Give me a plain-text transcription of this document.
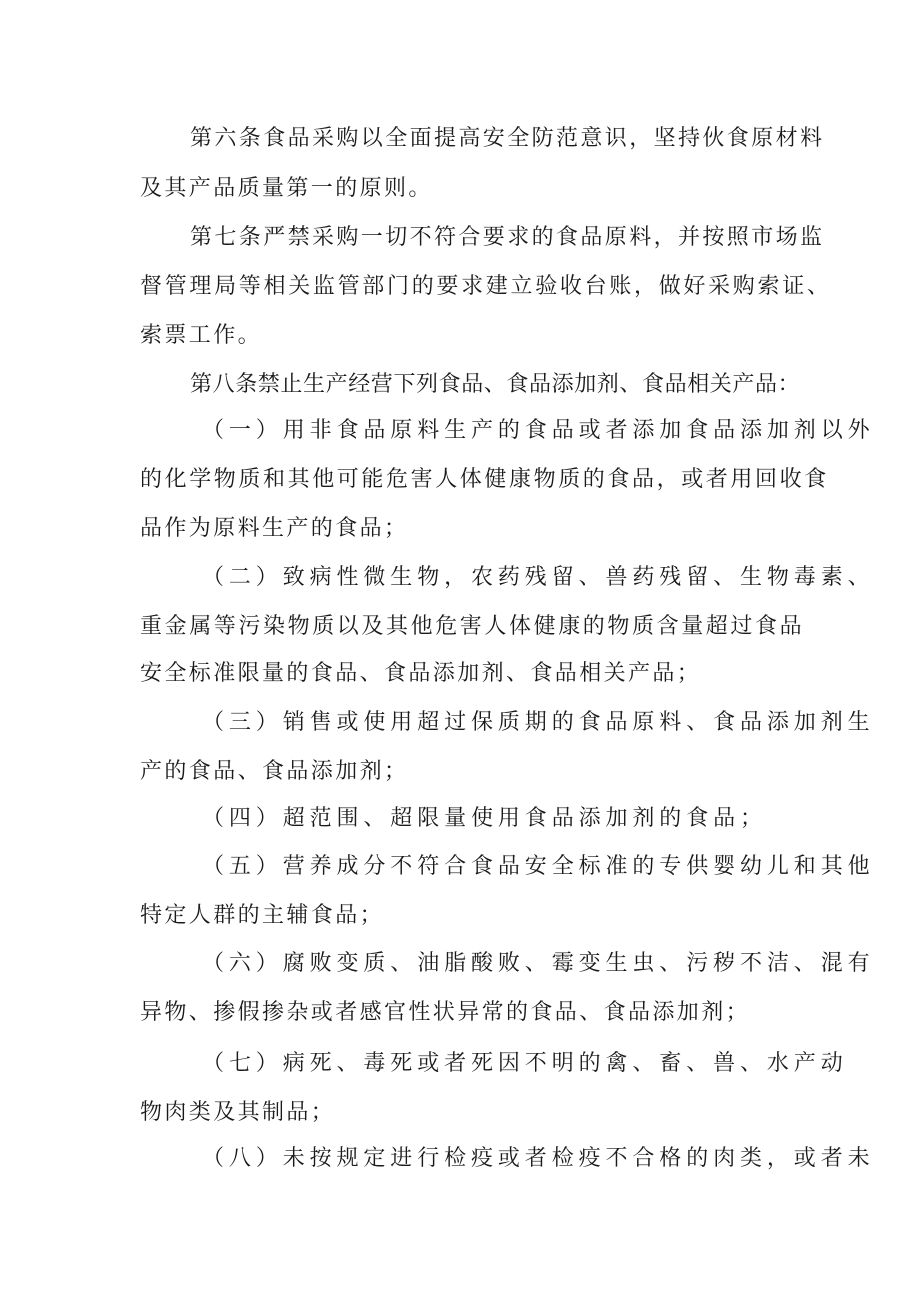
第六条食品采购以全面提高安全防范意识，坚持伙食原材料

及其产品质量第一的原则。

第七条严禁采购一切不符合要求的食品原料，并按照市场监

督管理局等相关监管部门的要求建立验收台账，做好采购索证、

索票工作。

第八条禁止生产经营下列食品、食品添加剂、食品相关产品：

（一）用非食品原料生产的食品或者添加食品添加剂以外

的化学物质和其他可能危害人体健康物质的食品，或者用回收食

品作为原料生产的食品；

（二）致病性微生物，农药残留、兽药残留、生物毒素、

重金属等污染物质以及其他危害人体健康的物质含量超过食品

安全标准限量的食品、食品添加剂、食品相关产品；

（三）销售或使用超过保质期的食品原料、食品添加剂生

产的食品、食品添加剂；

（四）超范围、超限量使用食品添加剂的食品；

（五）营养成分不符合食品安全标准的专供婴幼儿和其他

特定人群的主辅食品；

（六）腐败变质、油脂酸败、霉变生虫、污秽不洁、混有

异物、掺假掺杂或者感官性状异常的食品、食品添加剂；

（七）病死、毒死或者死因不明的禽、畜、兽、水产动

物肉类及其制品；

（八）未按规定进行检疫或者检疫不合格的肉类，或者未
